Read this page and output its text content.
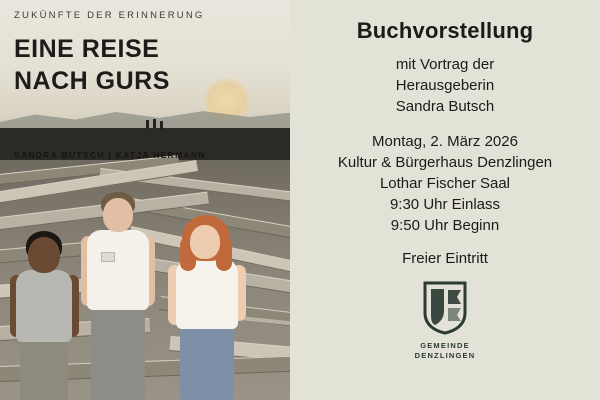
ZUKÜNFTE DER ERINNERUNG
EINE REISE
NACH GURS
SANDRA BUTSCH | KATJA HERMANN
Buchvorstellung
mit Vortrag der
Herausgeberin
Sandra Butsch
Montag, 2. März 2026
Kultur & Bürgerhaus Denzlingen
Lothar Fischer Saal
9:30 Uhr Einlass
9:50 Uhr Beginn
Freier Eintritt
GEMEINDE
DENZLINGEN
